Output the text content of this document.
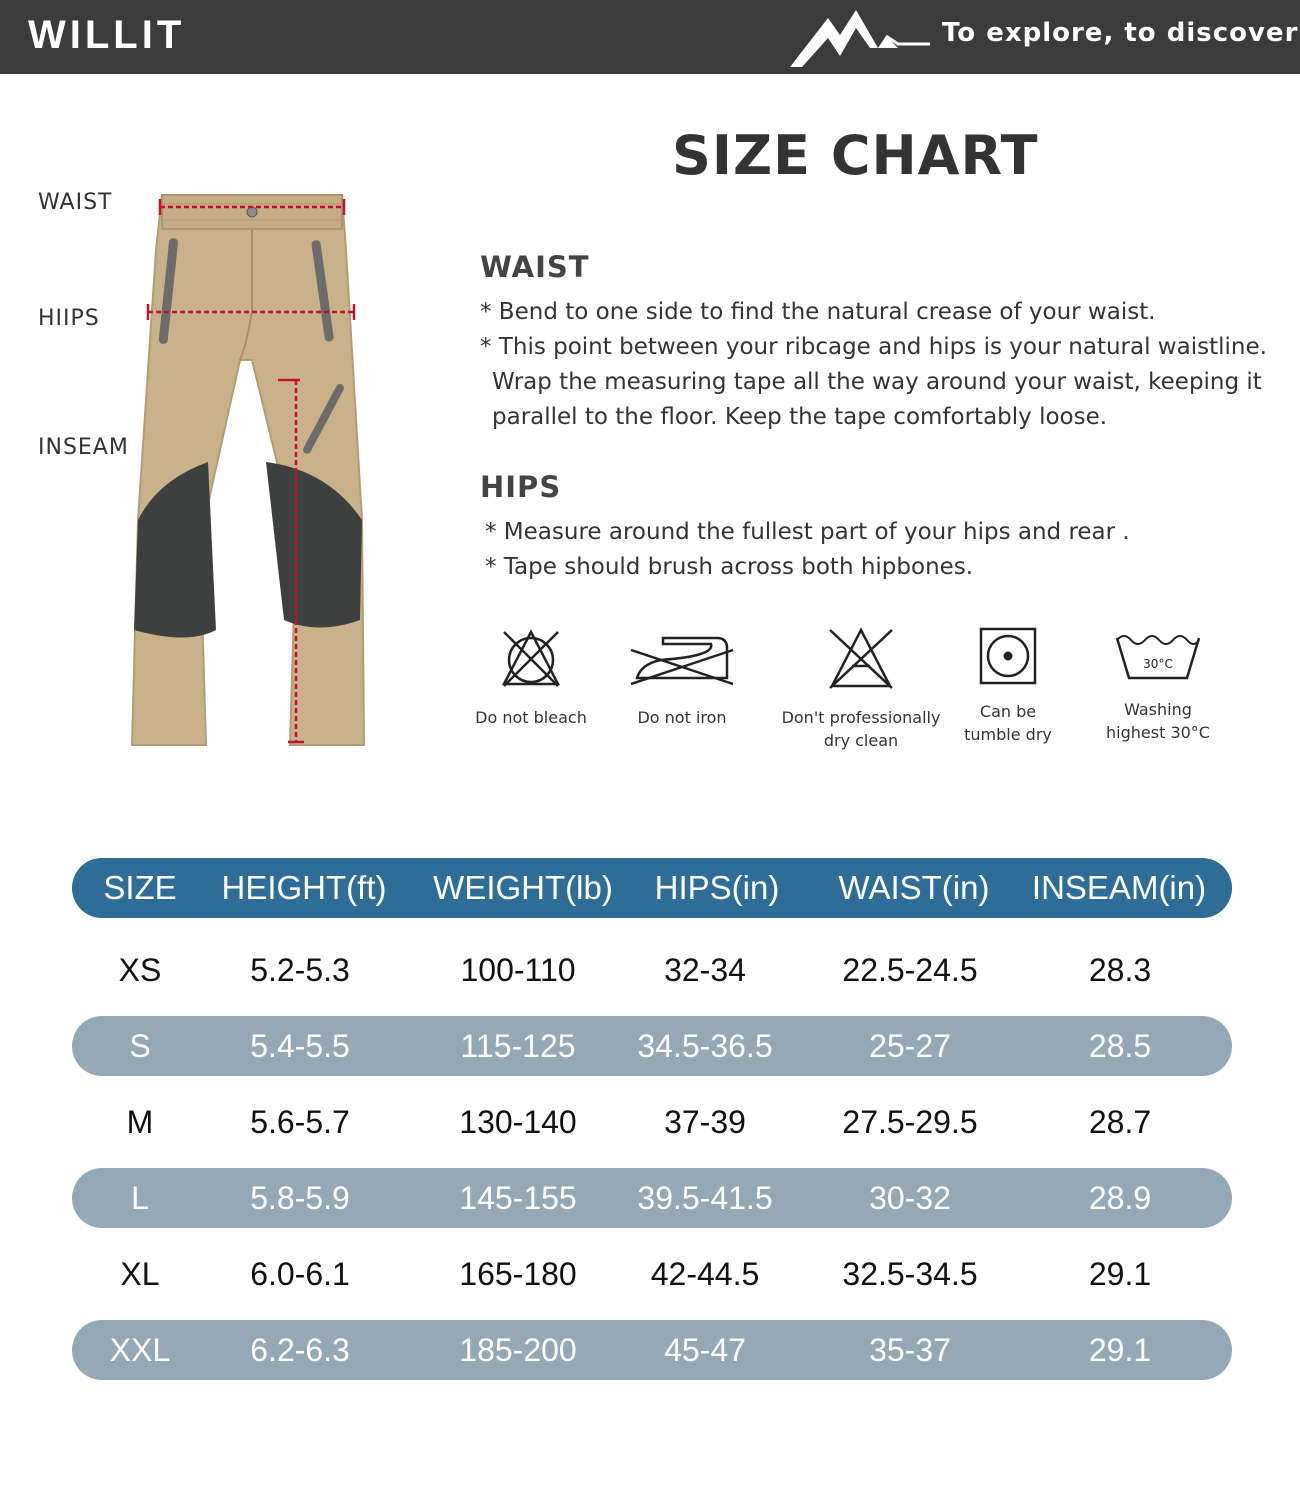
WILLIT	To explore, to discover
SIZE CHART
WAIST
HIIPS
INSEAM
WAIST

* Bend to one side to find the natural crease of your waist.

* This point between your ribcage and hips is your natural waistline.

Wrap the measuring tape all the way around your waist, keeping it

parallel to the floor. Keep the tape comfortably loose.

HIPS

* Measure around the fullest part of your hips and rear .

* Tape should brush across both hipbones.

Do not bleach	Do not iron	Don't professionally
dry clean
Can be
tumble dry
30°C
Washing
highest 30°C
SIZE	HEIGHT(ft)	WEIGHT(lb)	HIPS(in)	WAIST(in)	INSEAM(in)
XS	5.2-5.3	100-110	32-34	22.5-24.5	28.3
S	5.4-5.5	115-125	34.5-36.5	25-27	28.5
M	5.6-5.7	130-140	37-39	27.5-29.5	28.7
L	5.8-5.9	145-155	39.5-41.5	30-32	28.9
XL	6.0-6.1	165-180	42-44.5	32.5-34.5	29.1
XXL	6.2-6.3	185-200	45-47	35-37	29.1
